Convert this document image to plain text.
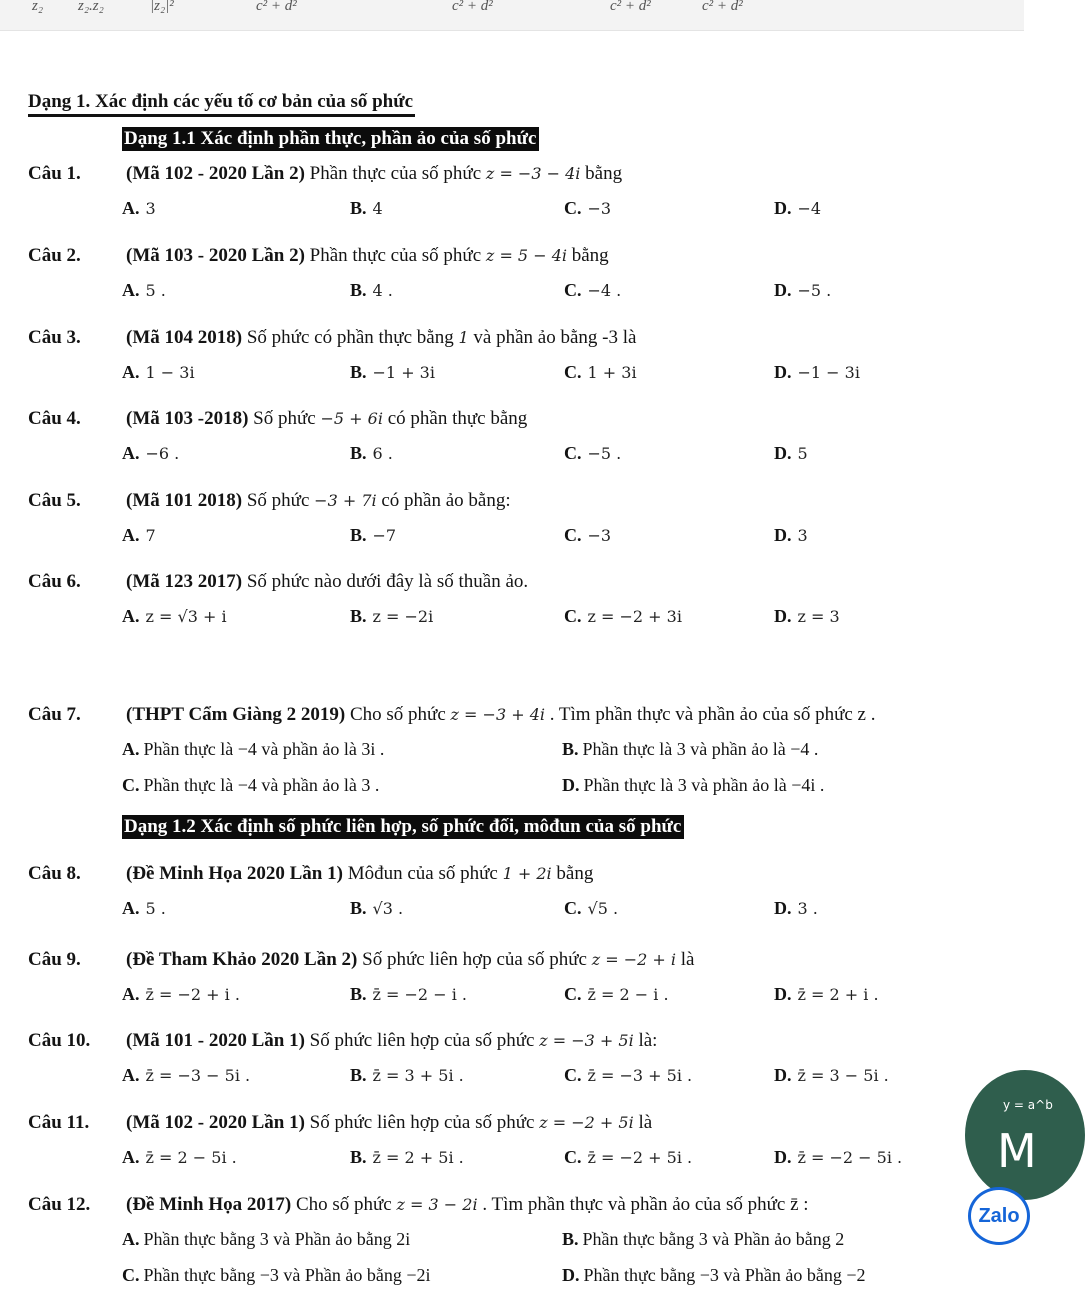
z₂ z₂.z₂	|z₂|²	c² + d²	c² + d²	c² + d²	c² + d²
Dạng 1. Xác định các yếu tố cơ bản của số phức
Dạng 1.1 Xác định phần thực, phần ảo của số phức
Dạng 1.2 Xác định số phức liên hợp, số phức đối, môđun của số phức
Câu 1. (Mã 102 - 2020 Lần 2) Phần thực của số phức z = −3 − 4i bằng
A. 3	B. 4	C. −3	D. −4
Câu 2. (Mã 103 - 2020 Lần 2) Phần thực của số phức z = 5 − 4i bằng
A. 5 .	B. 4 .	C. −4 .	D. −5 .
Câu 3. (Mã 104 2018) Số phức có phần thực bằng 1 và phần ảo bằng -3 là
A. 1 − 3i	B. −1 + 3i	C. 1 + 3i	D. −1 − 3i
Câu 4. (Mã 103 -2018) Số phức −5 + 6i có phần thực bằng
A. −6 .	B. 6 .	C. −5 .	D. 5
Câu 5. (Mã 101 2018) Số phức −3 + 7i có phần ảo bằng:
A. 7	B. −7	C. −3	D. 3
Câu 6. (Mã 123 2017) Số phức nào dưới đây là số thuần ảo.
A. z = √3 + i	B. z = −2i	C. z = −2 + 3i	D. z = 3
Câu 7. (THPT Cẩm Giàng 2 2019) Cho số phức z = −3 + 4i . Tìm phần thực và phần ảo của số phức z .
A. Phần thực là −4 và phần ảo là 3i .	B. Phần thực là 3 và phần ảo là −4 .
C. Phần thực là −4 và phần ảo là 3 .	D. Phần thực là 3 và phần ảo là −4i .
Câu 8. (Đề Minh Họa 2020 Lần 1) Môđun của số phức 1 + 2i bằng
A. 5 .	B. √3 .	C. √5 .	D. 3 .
Câu 9. (Đề Tham Khảo 2020 Lần 2) Số phức liên hợp của số phức z = −2 + i là
A. z̄ = −2 + i .	B. z̄ = −2 − i .	C. z̄ = 2 − i .	D. z̄ = 2 + i .
Câu 10. (Mã 101 - 2020 Lần 1) Số phức liên hợp của số phức z = −3 + 5i là:
A. z̄ = −3 − 5i .	B. z̄ = 3 + 5i .	C. z̄ = −3 + 5i .	D. z̄ = 3 − 5i .
Câu 11. (Mã 102 - 2020 Lần 1) Số phức liên hợp của số phức z = −2 + 5i là
A. z̄ = 2 − 5i .	B. z̄ = 2 + 5i .	C. z̄ = −2 + 5i .	D. z̄ = −2 − 5i .
Câu 12. (Đề Minh Họa 2017) Cho số phức z = 3 − 2i . Tìm phần thực và phần ảo của số phức z̄ :
A. Phần thực bằng 3 và Phần ảo bằng 2i	B. Phần thực bằng 3 và Phần ảo bằng 2
C. Phần thực bằng −3 và Phần ảo bằng −2i	D. Phần thực bằng −3 và Phần ảo bằng −2
y = a^b
M
Zalo
